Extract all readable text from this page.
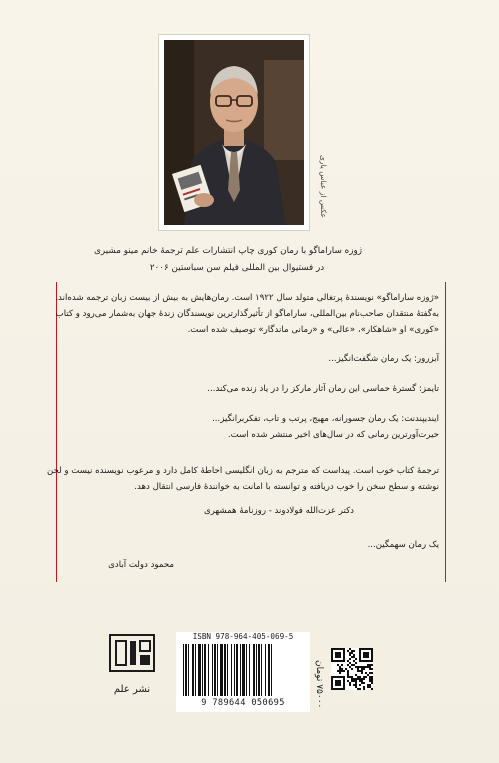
عکس از عباس یاری
ژوزه ساراماگو با رمان کوری چاپ انتشارات علم ترجمهٔ خانم مینو مشیری
در فستیوال بین المللی فیلم سن سباستین ۲۰۰۶
«ژوزه ساراماگو» نویسندهٔ پرتغالی متولد سال ۱۹۲۲ است. رمان‌هایش به بیش از بیست زبان ترجمه شده‌اند.
به‌گفتهٔ منتقدان صاحب‌نام بین‌المللی، ساراماگو از تأثیرگذارترین نویسندگان زندهٔ جهان به‌شمار می‌رود و کتاب
«کوری» او «شاهکار»، «عالی» و «رمانی ماندگار» توصیف شده است.
آبزرور: یک رمان شگفت‌انگیز...
تایمز: گسترهٔ حماسی این رمان آثار مارکز را در یاد زنده می‌کند...
ایندیپندنت: یک رمان جسورانه، مهیج، پرتب و تاب، تفکربرانگیز...
حیرت‌آورترین رمانی که در سال‌های اخیر منتشر شده است.
ترجمهٔ کتاب خوب است. پیداست که مترجم به زبان انگلیسی احاطهٔ کامل دارد و مرعوب نویسنده نیست و لحن
نوشته و سطح سخن را خوب دریافته و توانسته با امانت به خوانندهٔ فارسی انتقال دهد.
دکتر عزت‌الله فولادوند - روزنامهٔ همشهری
یک رمان سهمگین...
محمود دولت آبادی
نشر علم
ISBN 978-964-405-069-5
9 789644 050695
۷۵۰۰۰ تومان
